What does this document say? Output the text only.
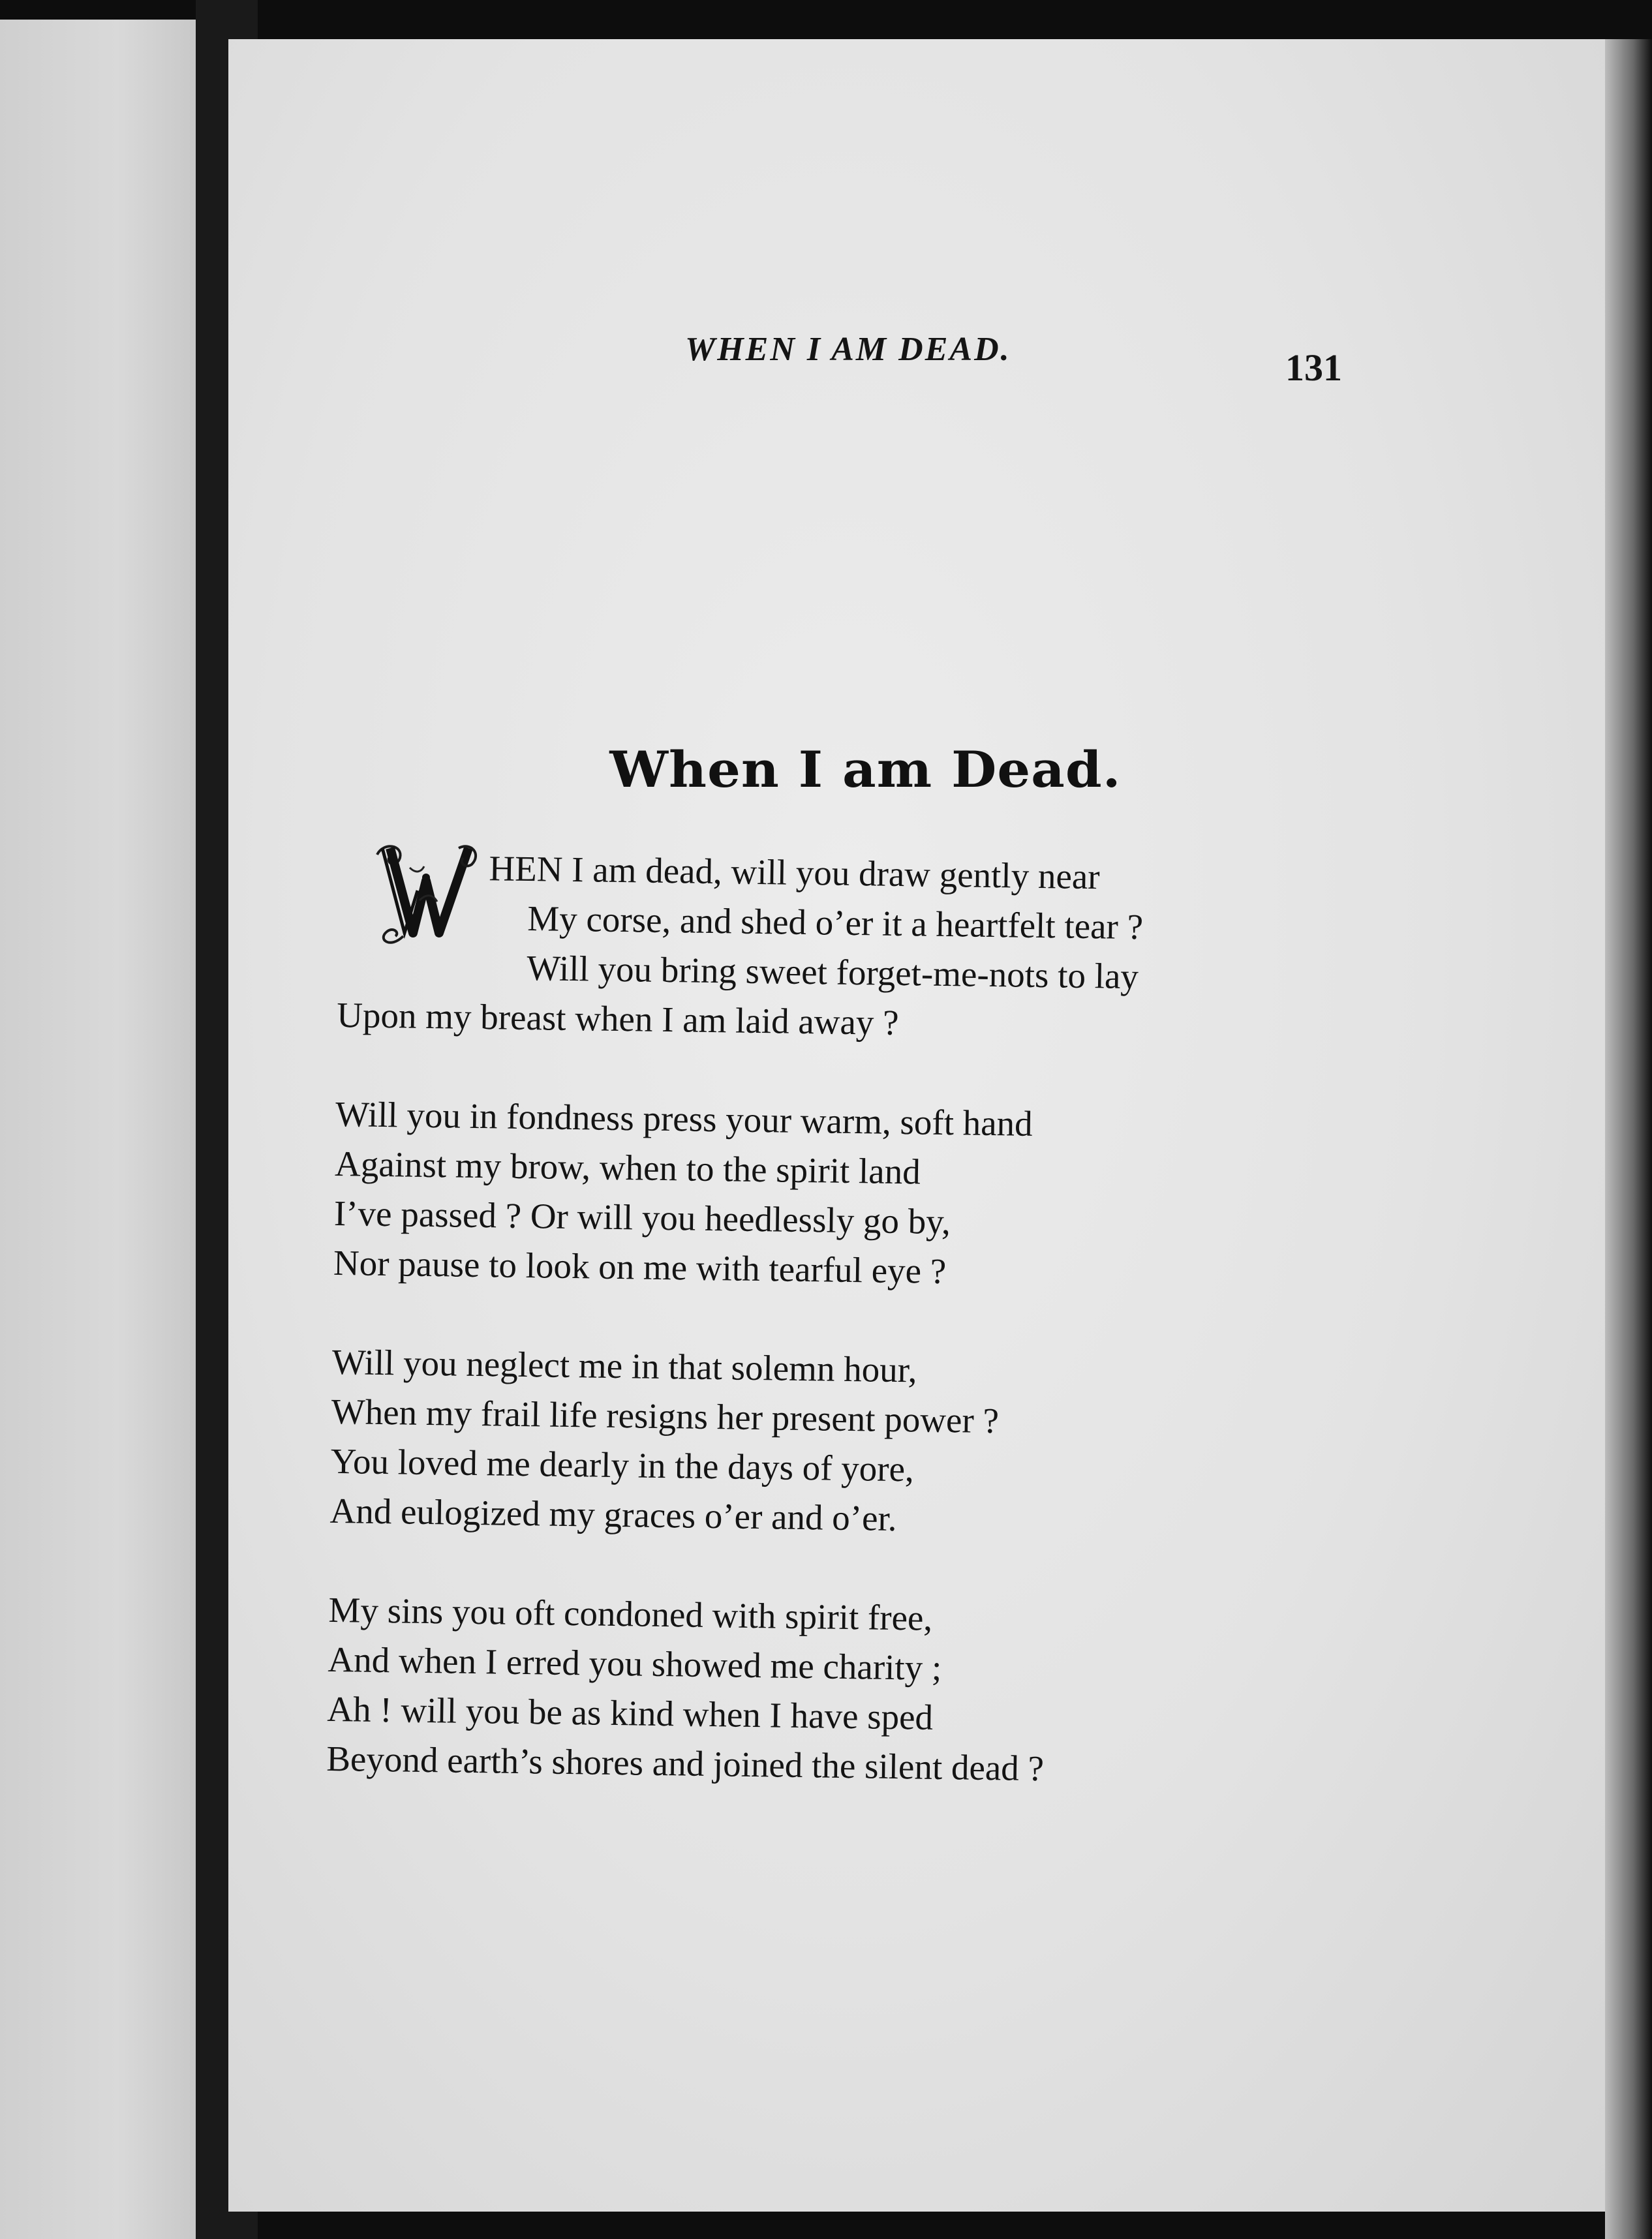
WHEN I AM DEAD.	131
When I am Dead.
HEN I am dead, will you draw gently near
My corse, and shed o’er it a heartfelt tear ?
Will you bring sweet forget-me-nots to lay
Upon my breast when I am laid away ?
Will you in fondness press your warm, soft hand
Against my brow, when to the spirit land
I’ve passed ? Or will you heedlessly go by,
Nor pause to look on me with tearful eye ?
Will you neglect me in that solemn hour,
When my frail life resigns her present power ?
You loved me dearly in the days of yore,
And eulogized my graces o’er and o’er.
My sins you oft condoned with spirit free,
And when I erred you showed me charity ;
Ah ! will you be as kind when I have sped
Beyond earth’s shores and joined the silent dead ?
